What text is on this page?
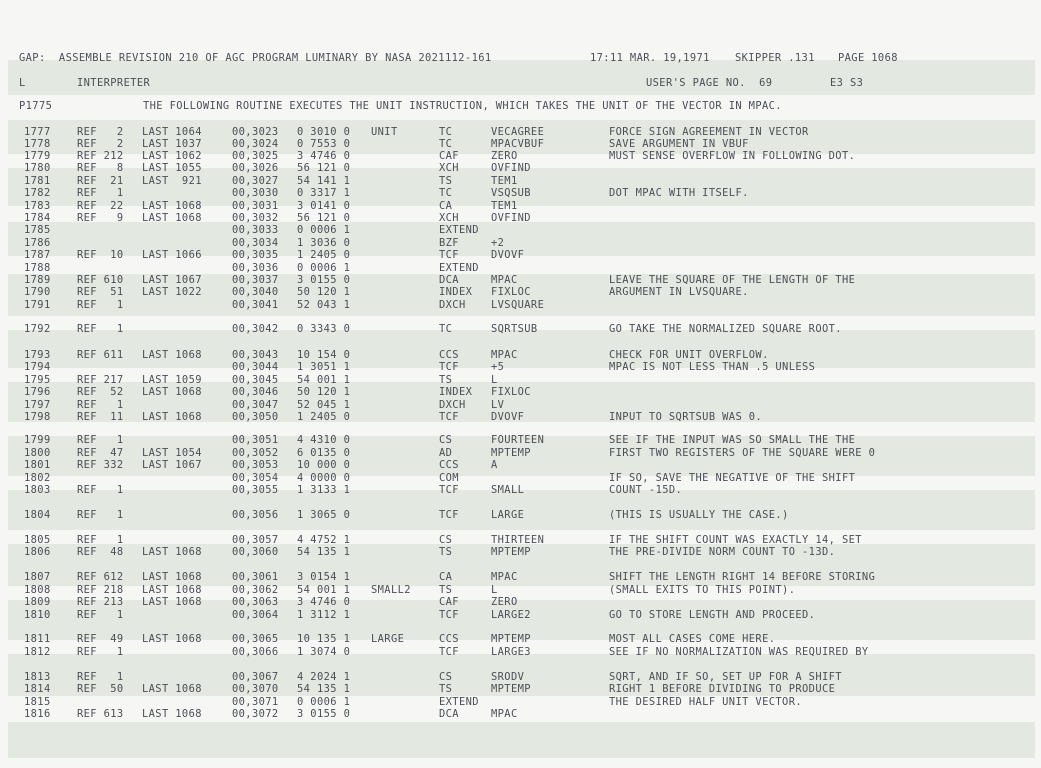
GAP:  ASSEMBLE REVISION 210 OF AGC PROGRAM LUMINARY BY NASA 2021112-161	17:11 MAR. 19,1971 SKIPPER .131 PAGE 1068
L	INTERPRETER	USER'S PAGE NO.  69	E3 S3
P1775	THE FOLLOWING ROUTINE EXECUTES THE UNIT INSTRUCTION, WHICH TAKES THE UNIT OF THE VECTOR IN MPAC.
1777	REF   2 LAST 1064	00,3023 0 3010 0 UNIT	TC	VECAGREE	FORCE SIGN AGREEMENT IN VECTOR
1778	REF   2 LAST 1037	00,3024 0 7553 0	TC	MPACVBUF	SAVE ARGUMENT IN VBUF
1779	REF 212 LAST 1062	00,3025 3 4746 0	CAF	ZERO	MUST SENSE OVERFLOW IN FOLLOWING DOT.
1780	REF   8 LAST 1055	00,3026 56 121 0	XCH	OVFIND
1781	REF  21 LAST  921	00,3027 54 141 1	TS	TEM1
1782	REF   1	00,3030 0 3317 1	TC	VSQSUB	DOT MPAC WITH ITSELF.
1783	REF  22 LAST 1068	00,3031 3 0141 0	CA	TEM1
1784	REF   9 LAST 1068	00,3032 56 121 0	XCH	OVFIND
1785	00,3033 0 0006 1	EXTEND
1786	00,3034 1 3036 0	BZF	+2
1787	REF  10 LAST 1066	00,3035 1 2405 0	TCF	DVOVF
1788	00,3036 0 0006 1	EXTEND
1789	REF 610 LAST 1067	00,3037 3 0155 0	DCA	MPAC	LEAVE THE SQUARE OF THE LENGTH OF THE
1790	REF  51 LAST 1022	00,3040 50 120 1	INDEX FIXLOC	ARGUMENT IN LVSQUARE.
1791	REF   1	00,3041 52 043 1	DXCH LVSQUARE
1792	REF   1	00,3042 0 3343 0	TC	SQRTSUB	GO TAKE THE NORMALIZED SQUARE ROOT.
1793	REF 611 LAST 1068	00,3043 10 154 0	CCS	MPAC	CHECK FOR UNIT OVERFLOW.
1794	00,3044 1 3051 1	TCF	+5	MPAC IS NOT LESS THAN .5 UNLESS
1795	REF 217 LAST 1059	00,3045 54 001 1	TS	L
1796	REF  52 LAST 1068	00,3046 50 120 1	INDEX FIXLOC
1797	REF   1	00,3047 52 045 1	DXCH LV
1798	REF  11 LAST 1068	00,3050 1 2405 0	TCF	DVOVF	INPUT TO SQRTSUB WAS 0.
1799	REF   1	00,3051 4 4310 0	CS	FOURTEEN	SEE IF THE INPUT WAS SO SMALL THE THE
1800	REF  47 LAST 1054	00,3052 6 0135 0	AD	MPTEMP	FIRST TWO REGISTERS OF THE SQUARE WERE 0
1801	REF 332 LAST 1067	00,3053 10 000 0	CCS	A
1802	00,3054 4 0000 0	COM	IF SO, SAVE THE NEGATIVE OF THE SHIFT
1803	REF   1	00,3055 1 3133 1	TCF	SMALL	COUNT -15D.
1804	REF   1	00,3056 1 3065 0	TCF	LARGE	(THIS IS USUALLY THE CASE.)
1805	REF   1	00,3057 4 4752 1	CS	THIRTEEN	IF THE SHIFT COUNT WAS EXACTLY 14, SET
1806	REF  48 LAST 1068	00,3060 54 135 1	TS	MPTEMP	THE PRE-DIVIDE NORM COUNT TO -13D.
1807	REF 612 LAST 1068	00,3061 3 0154 1	CA	MPAC	SHIFT THE LENGTH RIGHT 14 BEFORE STORING
1808	REF 218 LAST 1068	00,3062 54 001 1 SMALL2	TS	L	(SMALL EXITS TO THIS POINT).
1809	REF 213 LAST 1068	00,3063 3 4746 0	CAF	ZERO
1810	REF   1	00,3064 1 3112 1	TCF	LARGE2	GO TO STORE LENGTH AND PROCEED.
1811	REF  49 LAST 1068	00,3065 10 135 1 LARGE	CCS	MPTEMP	MOST ALL CASES COME HERE.
1812	REF   1	00,3066 1 3074 0	TCF	LARGE3	SEE IF NO NORMALIZATION WAS REQUIRED BY
1813	REF   1	00,3067 4 2024 1	CS	SRODV	SQRT, AND IF SO, SET UP FOR A SHIFT
1814	REF  50 LAST 1068	00,3070 54 135 1	TS	MPTEMP	RIGHT 1 BEFORE DIVIDING TO PRODUCE
1815	00,3071 0 0006 1	EXTEND	THE DESIRED HALF UNIT VECTOR.
1816	REF 613 LAST 1068	00,3072 3 0155 0	DCA	MPAC
